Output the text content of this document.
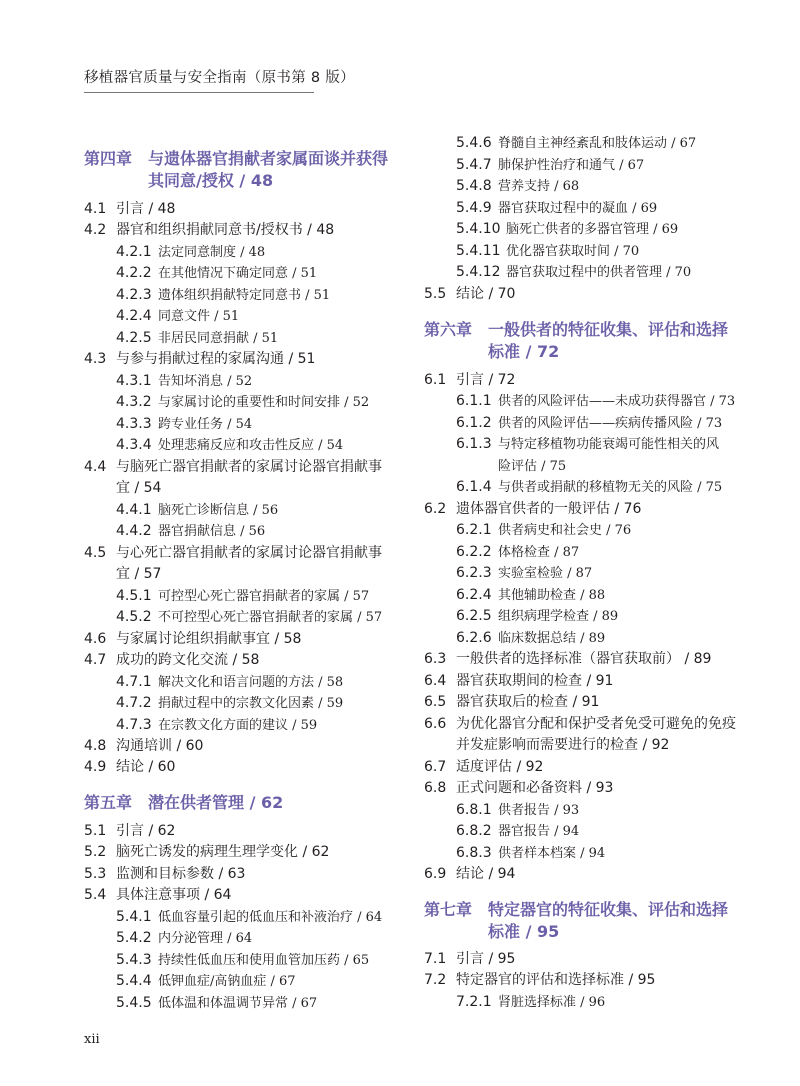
移植器官质量与安全指南（原书第 8 版）
第四章 与遗体器官捐献者家属面谈并获得
其同意/授权 / 48
4.1 引言 / 48
4.2 器官和组织捐献同意书/授权书 / 48
4.2.1 法定同意制度 / 48
4.2.2 在其他情况下确定同意 / 51
4.2.3 遗体组织捐献特定同意书 / 51
4.2.4 同意文件 / 51
4.2.5 非居民同意捐献 / 51
4.3 与参与捐献过程的家属沟通 / 51
4.3.1 告知坏消息 / 52
4.3.2 与家属讨论的重要性和时间安排 / 52
4.3.3 跨专业任务 / 54
4.3.4 处理悲痛反应和攻击性反应 / 54
4.4 与脑死亡器官捐献者的家属讨论器官捐献事
宜 / 54
4.4.1 脑死亡诊断信息 / 56
4.4.2 器官捐献信息 / 56
4.5 与心死亡器官捐献者的家属讨论器官捐献事
宜 / 57
4.5.1 可控型心死亡器官捐献者的家属 / 57
4.5.2 不可控型心死亡器官捐献者的家属 / 57
4.6 与家属讨论组织捐献事宜 / 58
4.7 成功的跨文化交流 / 58
4.7.1 解决文化和语言问题的方法 / 58
4.7.2 捐献过程中的宗教文化因素 / 59
4.7.3 在宗教文化方面的建议 / 59
4.8 沟通培训 / 60
4.9 结论 / 60
第五章 潜在供者管理 / 62
5.1 引言 / 62
5.2 脑死亡诱发的病理生理学变化 / 62
5.3 监测和目标参数 / 63
5.4 具体注意事项 / 64
5.4.1 低血容量引起的低血压和补液治疗 / 64
5.4.2 内分泌管理 / 64
5.4.3 持续性低血压和使用血管加压药 / 65
5.4.4 低钾血症/高钠血症 / 67
5.4.5 低体温和体温调节异常 / 67
5.4.6 脊髓自主神经紊乱和肢体运动 / 67
5.4.7 肺保护性治疗和通气 / 67
5.4.8 营养支持 / 68
5.4.9 器官获取过程中的凝血 / 69
5.4.10 脑死亡供者的多器官管理 / 69
5.4.11 优化器官获取时间 / 70
5.4.12 器官获取过程中的供者管理 / 70
5.5 结论 / 70
第六章 一般供者的特征收集、评估和选择
标准 / 72
6.1 引言 / 72
6.1.1 供者的风险评估——未成功获得器官 / 73
6.1.2 供者的风险评估——疾病传播风险 / 73
6.1.3 与特定移植物功能衰竭可能性相关的风
险评估 / 75
6.1.4 与供者或捐献的移植物无关的风险 / 75
6.2 遗体器官供者的一般评估 / 76
6.2.1 供者病史和社会史 / 76
6.2.2 体格检查 / 87
6.2.3 实验室检验 / 87
6.2.4 其他辅助检查 / 88
6.2.5 组织病理学检查 / 89
6.2.6 临床数据总结 / 89
6.3 一般供者的选择标准（器官获取前） / 89
6.4 器官获取期间的检查 / 91
6.5 器官获取后的检查 / 91
6.6 为优化器官分配和保护受者免受可避免的免疫
并发症影响而需要进行的检查 / 92
6.7 适度评估 / 92
6.8 正式问题和必备资料 / 93
6.8.1 供者报告 / 93
6.8.2 器官报告 / 94
6.8.3 供者样本档案 / 94
6.9 结论 / 94
第七章 特定器官的特征收集、评估和选择
标准 / 95
7.1 引言 / 95
7.2 特定器官的评估和选择标准 / 95
7.2.1 肾脏选择标准 / 96
xii
